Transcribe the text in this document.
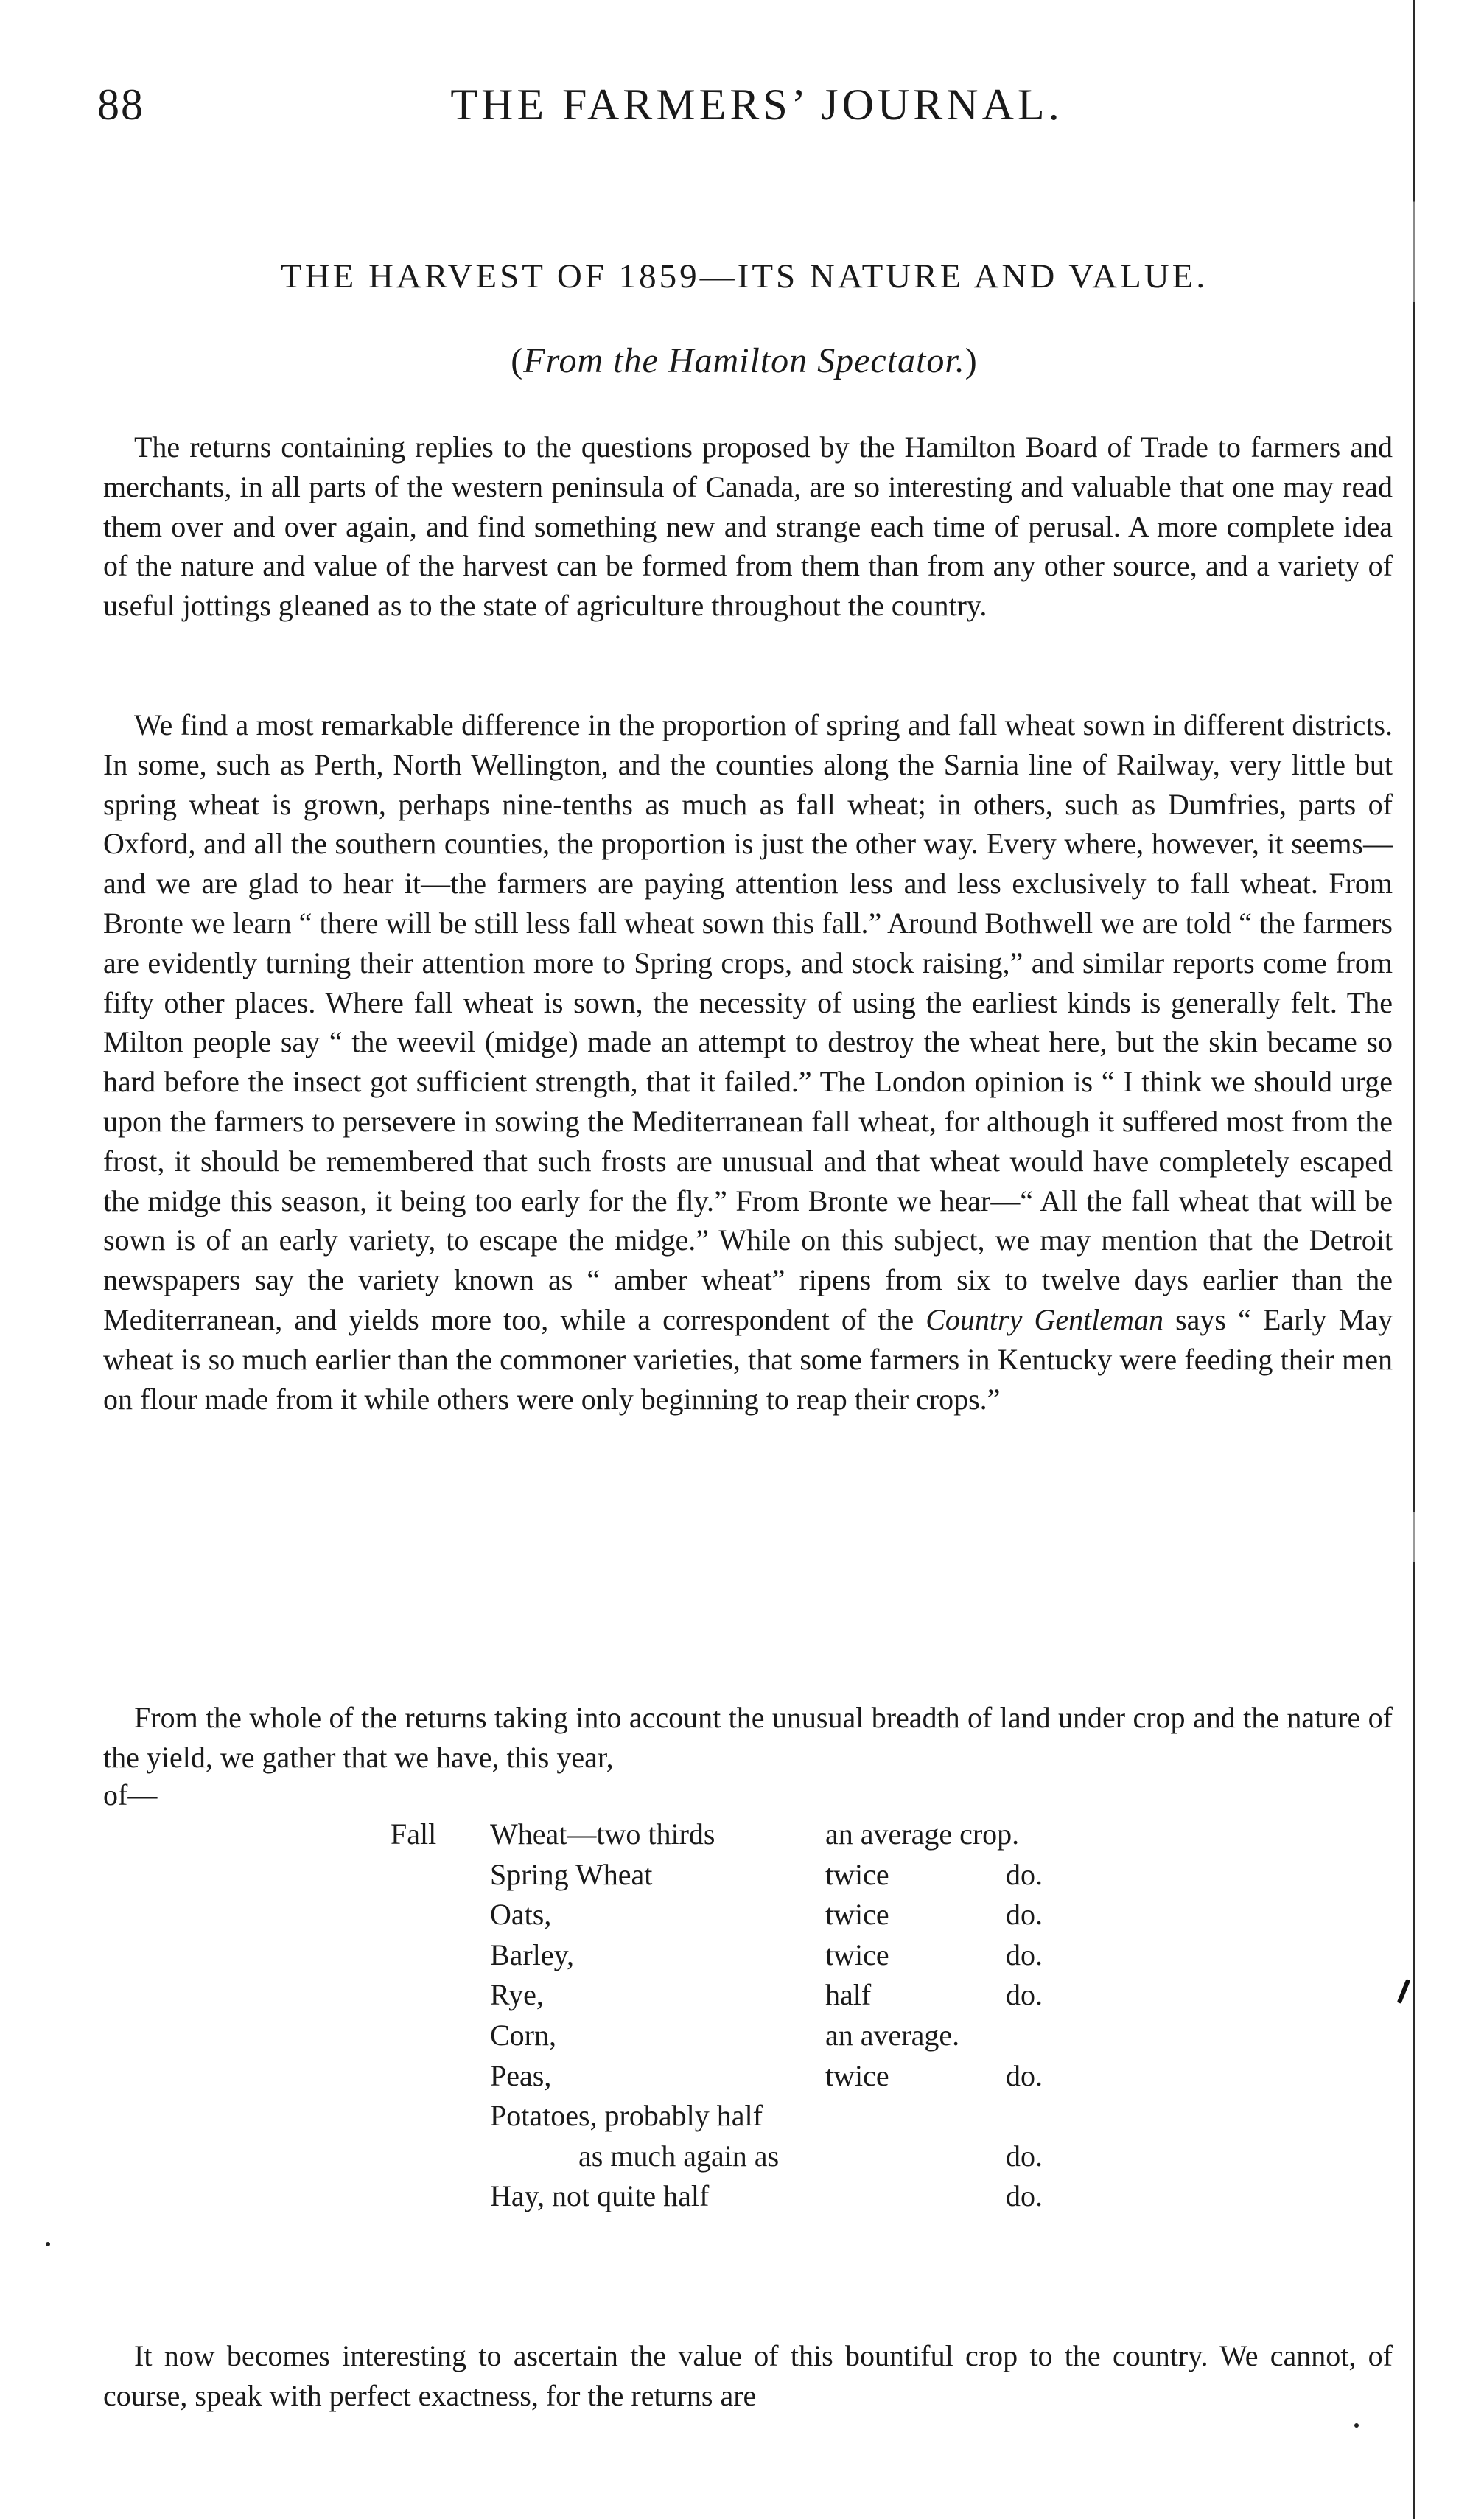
88	THE FARMERS’ JOURNAL.
THE HARVEST OF 1859—ITS NATURE AND VALUE.
(From the Hamilton Spectator.)

The returns containing replies to the questions proposed by the Hamilton Board of Trade to farmers and merchants, in all parts of the western peninsula of Canada, are so interesting and valuable that one may read them over and over again, and find something new and strange each time of perusal. A more complete idea of the nature and value of the harvest can be formed from them than from any other source, and a variety of useful jottings gleaned as to the state of agriculture throughout the country.

We find a most remarkable difference in the proportion of spring and fall wheat sown in different districts. In some, such as Perth, North Wellington, and the counties along the Sarnia line of Railway, very little but spring wheat is grown, perhaps nine-tenths as much as fall wheat; in others, such as Dumfries, parts of Oxford, and all the southern counties, the proportion is just the other way. Every where, however, it seems—and we are glad to hear it—the farmers are paying attention less and less exclusively to fall wheat. From Bronte we learn “ there will be still less fall wheat sown this fall.” Around Bothwell we are told “ the farmers are evidently turning their attention more to Spring crops, and stock raising,” and similar reports come from fifty other places. Where fall wheat is sown, the necessity of using the earliest kinds is generally felt. The Milton people say “ the weevil (midge) made an attempt to destroy the wheat here, but the skin became so hard before the insect got sufficient strength, that it failed.” The London opinion is “ I think we should urge upon the farmers to persevere in sowing the Mediterranean fall wheat, for although it suffered most from the frost, it should be remembered that such frosts are unusual and that wheat would have completely escaped the midge this season, it being too early for the fly.” From Bronte we hear—“ All the fall wheat that will be sown is of an early variety, to escape the midge.” While on this subject, we may mention that the Detroit newspapers say the variety known as “ amber wheat” ripens from six to twelve days earlier than the Mediterranean, and yields more too, while a correspondent of the Country Gentleman says “ Early May wheat is so much earlier than the commoner varieties, that some farmers in Kentucky were feeding their men on flour made from it while others were only beginning to reap their crops.”

From the whole of the returns taking into account the unusual breadth of land under crop and the nature of the yield, we gather that we have, this year,

of—
Fall Wheat—two thirds	an average crop.
Spring Wheat	twice	do.
Oats,	twice	do.
Barley,	twice	do.
Rye,	half	do.
Corn,	an average.
Peas,	twice	do.
Potatoes, probably half
as much again as	do.
Hay, not quite half	do.

It now becomes interesting to ascertain the value of this bountiful crop to the country. We cannot, of course, speak with perfect exactness, for the returns are
